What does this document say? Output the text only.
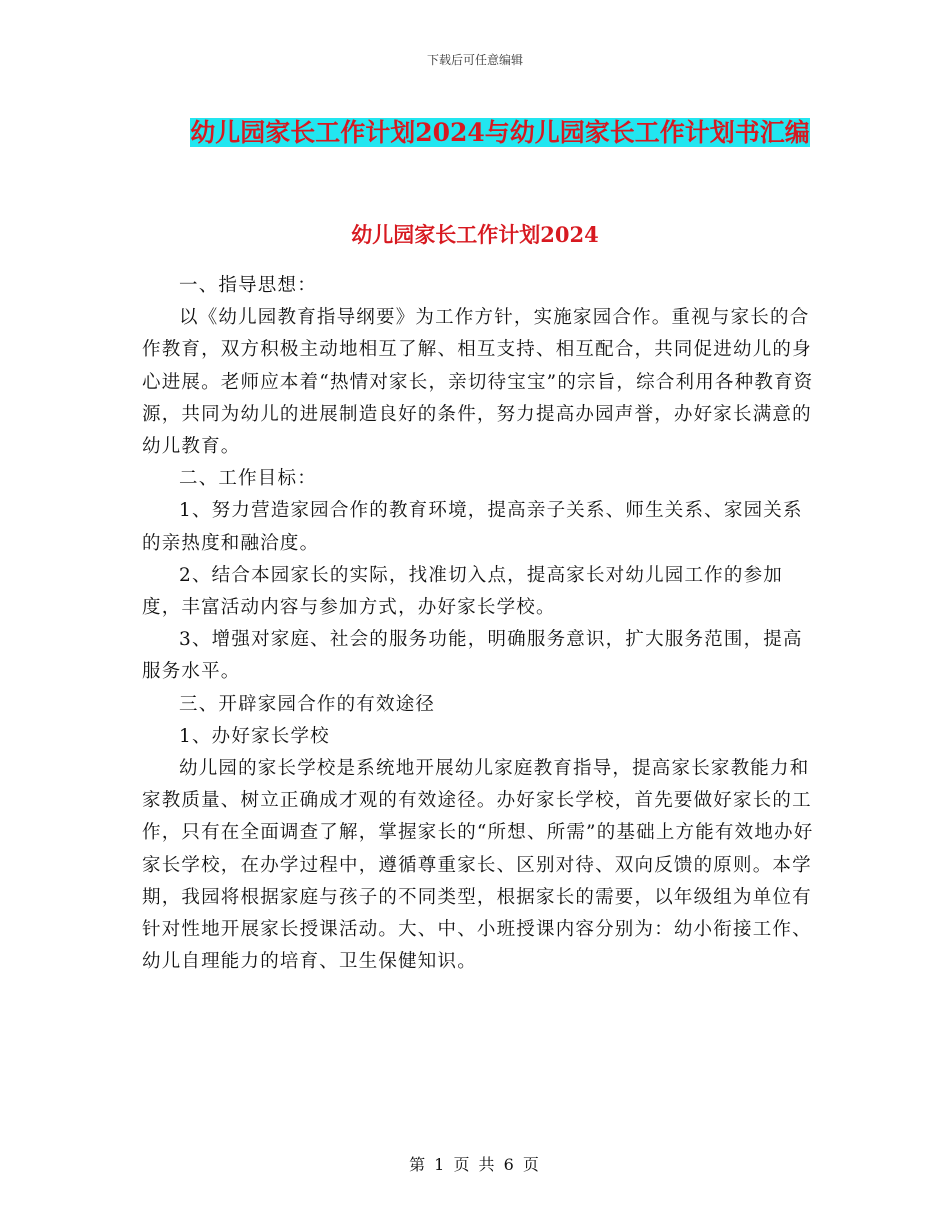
下载后可任意编辑
幼儿园家长工作计划2024与幼儿园家长工作计划书汇编
幼儿园家长工作计划2024

一、指导思想：

以《幼儿园教育指导纲要》为工作方针，实施家园合作。重视与家长的合作教育，双方积极主动地相互了解、相互支持、相互配合，共同促进幼儿的身心进展。老师应本着“热情对家长，亲切待宝宝”的宗旨，综合利用各种教育资源，共同为幼儿的进展制造良好的条件，努力提高办园声誉，办好家长满意的幼儿教育。

二、工作目标：

1、努力营造家园合作的教育环境，提高亲子关系、师生关系、家园关系的亲热度和融洽度。

2、结合本园家长的实际，找准切入点，提高家长对幼儿园工作的参加度，丰富活动内容与参加方式，办好家长学校。

3、增强对家庭、社会的服务功能，明确服务意识，扩大服务范围，提高服务水平。

三、开辟家园合作的有效途径

1、办好家长学校

幼儿园的家长学校是系统地开展幼儿家庭教育指导，提高家长家教能力和家教质量、树立正确成才观的有效途径。办好家长学校，首先要做好家长的工作，只有在全面调查了解，掌握家长的“所想、所需”的基础上方能有效地办好家长学校，在办学过程中，遵循尊重家长、区别对待、双向反馈的原则。本学期，我园将根据家庭与孩子的不同类型，根据家长的需要，以年级组为单位有针对性地开展家长授课活动。大、中、小班授课内容分别为：幼小衔接工作、幼儿自理能力的培育、卫生保健知识。

第 1 页 共 6 页
